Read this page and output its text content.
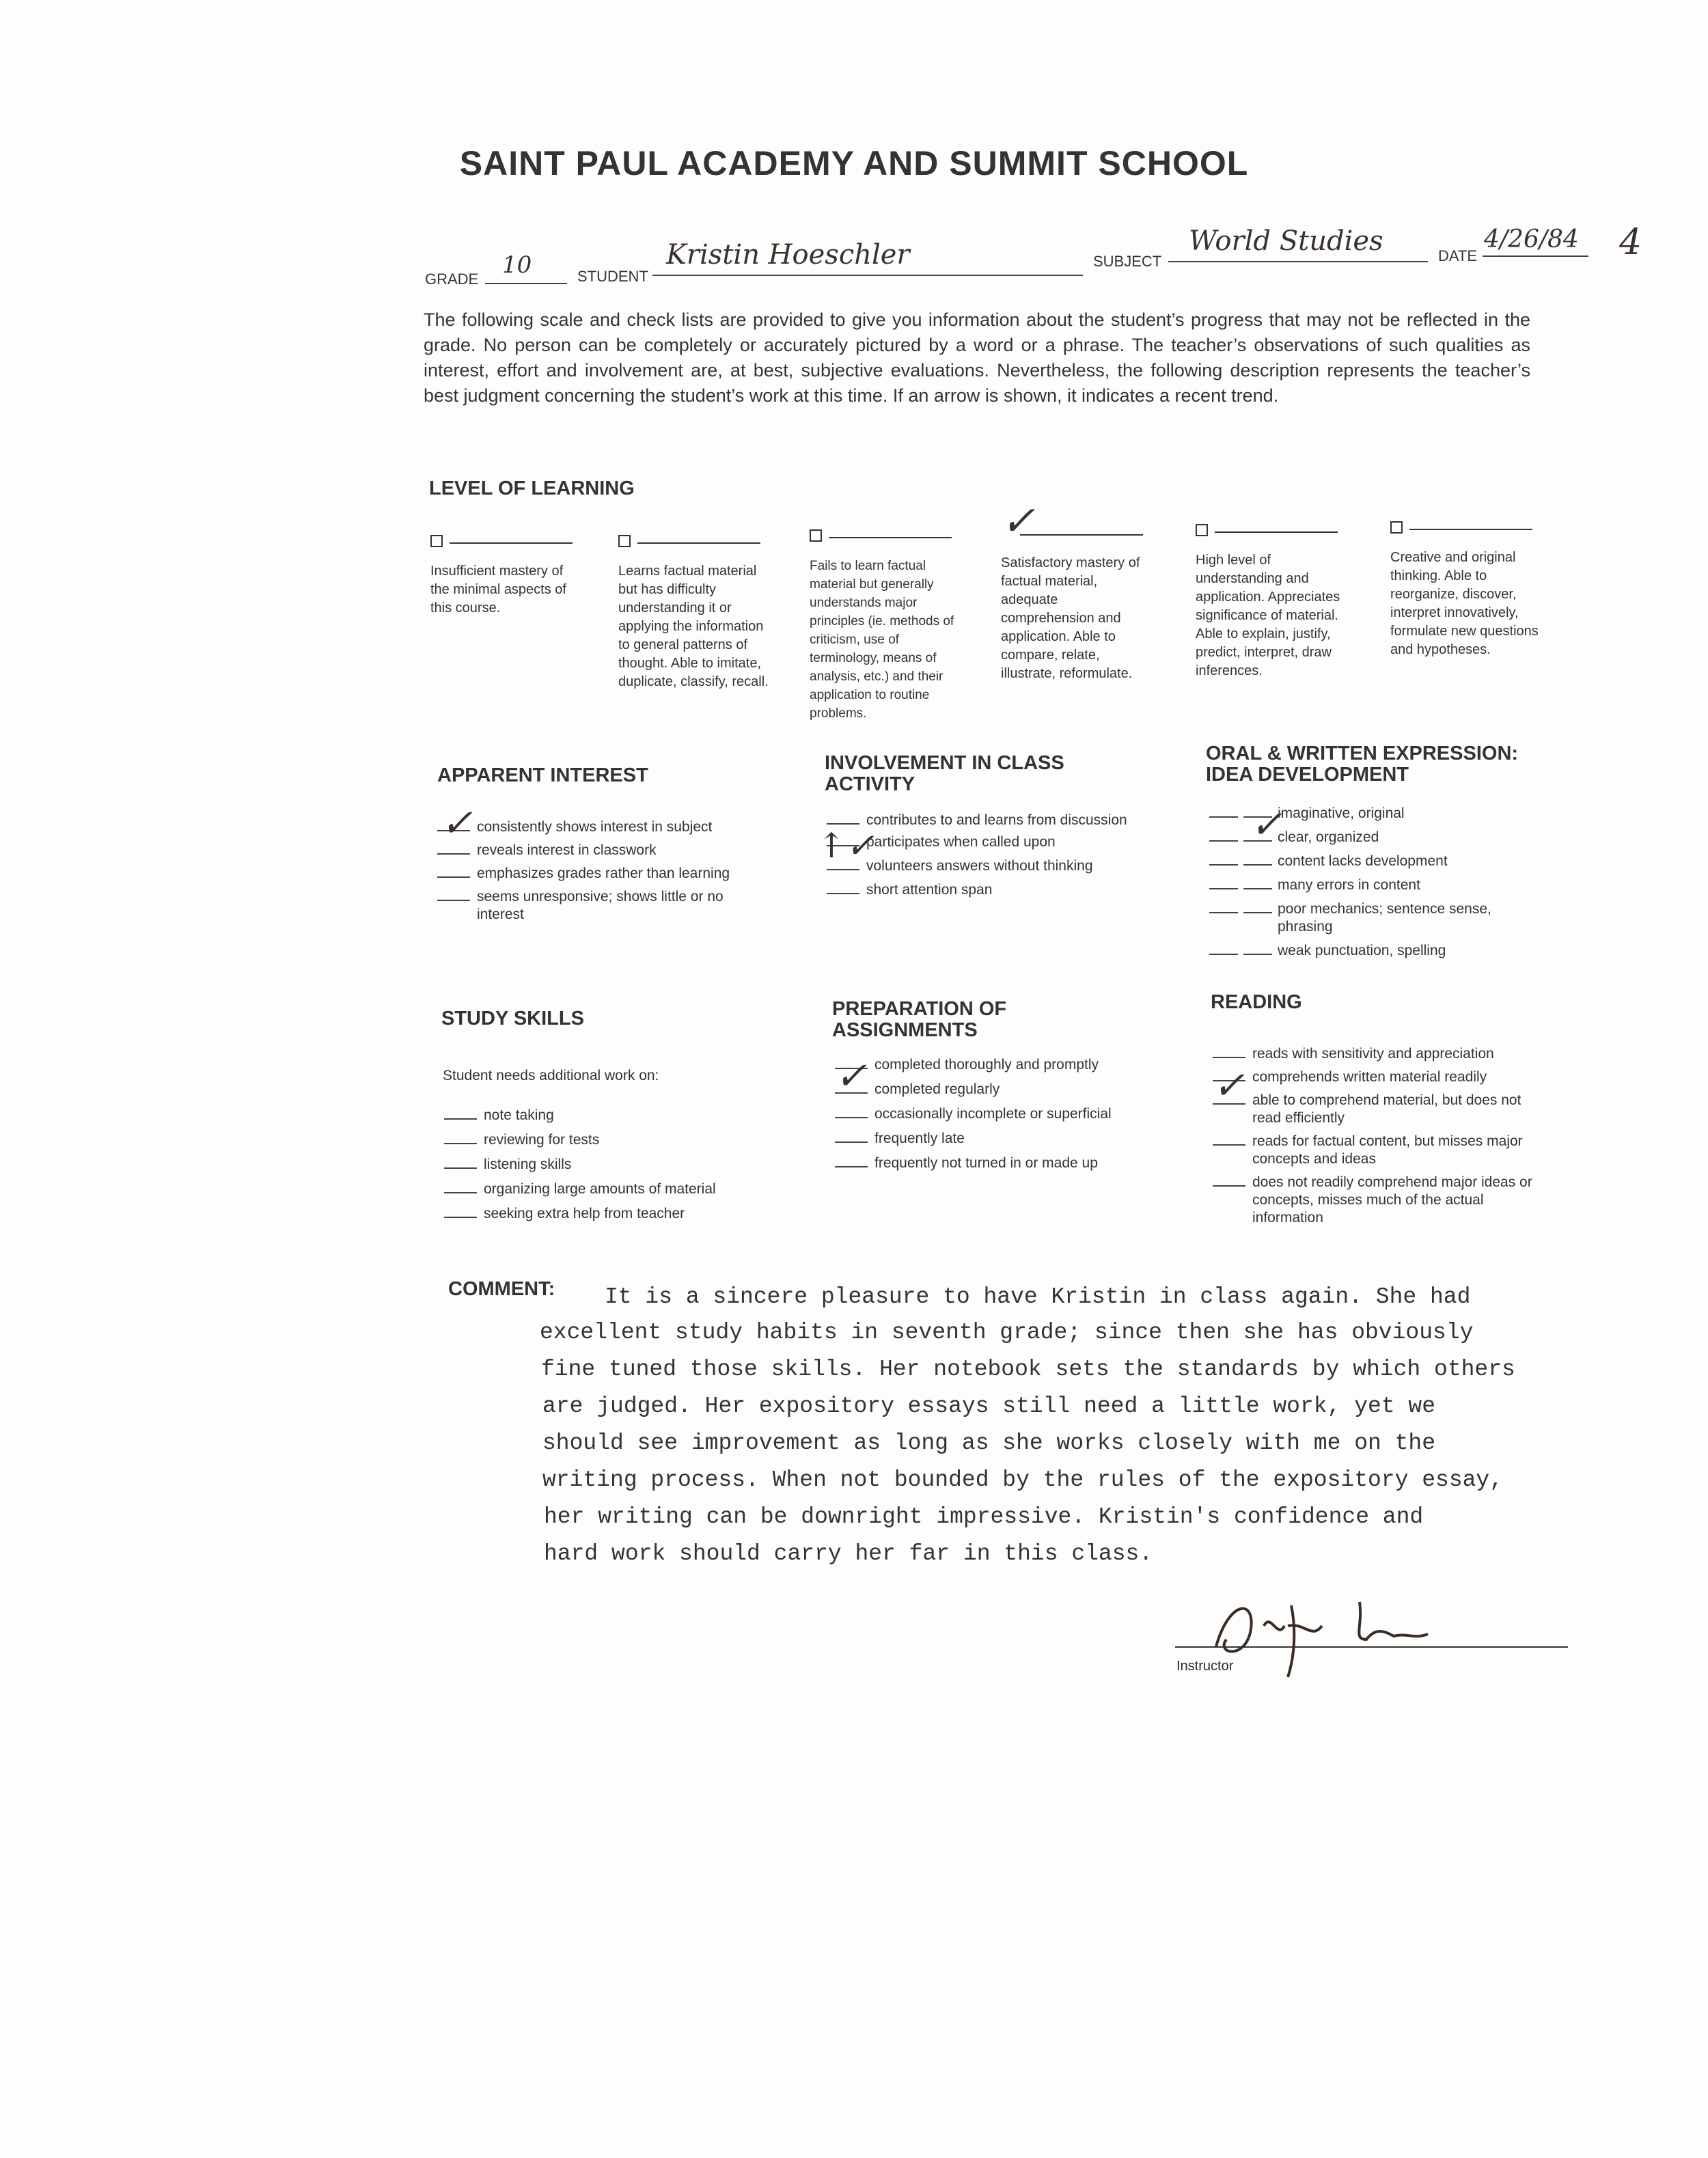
SAINT PAUL ACADEMY AND SUMMIT SCHOOL
GRADE
10	STUDENT
Kristin Hoeschler	SUBJECT
World Studies	DATE
4/26/84 4
The following scale and check lists are provided to give you information about the student’s progress that may not be reflected in the grade. No person can be completely or accurately pictured by a word or a phrase. The teacher’s observations of such qualities as interest, effort and involvement are, at best, subjective evaluations. Nevertheless, the following description represents the teacher’s best judgment concerning the student’s work at this time. If an arrow is shown, it indicates a recent trend.
LEVEL OF LEARNING
Insufficient mastery of the minimal aspects of this course.
Learns factual material but has difficulty understanding it or applying the information to general patterns of thought. Able to imitate, duplicate, classify, recall.
Fails to learn factual material but generally understands major principles (ie. methods of criticism, use of terminology, means of analysis, etc.) and their application to routine problems.
✓
Satisfactory mastery of factual material, adequate comprehension and application. Able to compare, relate, illustrate, reformulate.
High level of understanding and application. Appreciates significance of material. Able to explain, justify, predict, interpret, draw inferences.
Creative and original thinking. Able to reorganize, discover, interpret innovatively, formulate new questions and hypotheses.
APPARENT INTEREST
consistently shows interest in subject
reveals interest in classwork
emphasizes grades rather than learning
seems unresponsive; shows little or no interest
✓
INVOLVEMENT IN CLASS
ACTIVITY
contributes to and learns from discussion
participates when called upon
volunteers answers without thinking
short attention span
↑✓
ORAL & WRITTEN EXPRESSION:
IDEA DEVELOPMENT
imaginative, original
clear, organized
content lacks development
many errors in content
poor mechanics; sentence sense, phrasing
weak punctuation, spelling
✓
STUDY SKILLS
Student needs additional work on:
note taking
reviewing for tests
listening skills
organizing large amounts of material
seeking extra help from teacher
PREPARATION OF
ASSIGNMENTS
completed thoroughly and promptly
completed regularly
occasionally incomplete or superficial
frequently late
frequently not turned in or made up
✓
READING
reads with sensitivity and appreciation
comprehends written material readily
able to comprehend material, but does not read efficiently
reads for factual content, but misses major concepts and ideas
does not readily comprehend major ideas or concepts, misses much of the actual information
✓
COMMENT: It is a sincere pleasure to have Kristin in class again. She had
excellent study habits in seventh grade; since then she has obviously
fine tuned those skills. Her notebook sets the standards by which others
are judged. Her expository essays still need a little work, yet we
should see improvement as long as she works closely with me on the
writing process. When not bounded by the rules of the expository essay,
her writing can be downright impressive. Kristin's confidence and
hard work should carry her far in this class.
Instructor
